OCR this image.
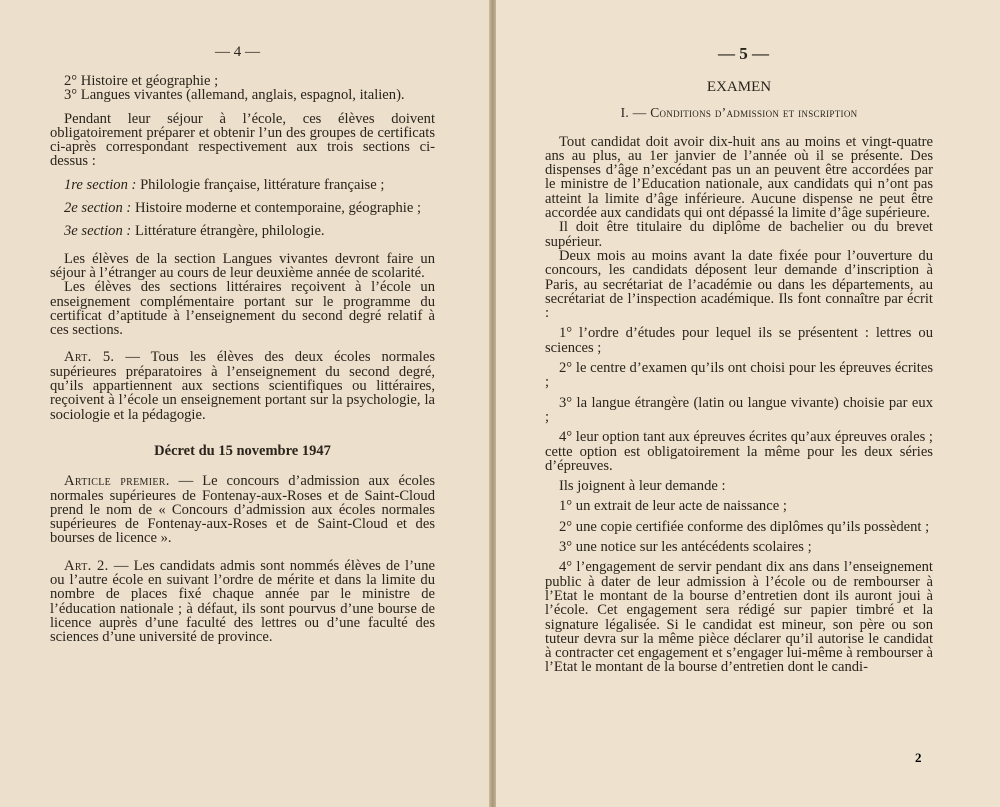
— 4 —

2° Histoire et géographie ;

3° Langues vivantes (allemand, anglais, espagnol, italien).

Pendant leur séjour à l’école, ces élèves doivent obligatoirement préparer et obtenir l’un des groupes de certificats ci-après correspondant respectivement aux trois sections ci-dessus :

1re section : Philologie française, littérature française ;

2e section : Histoire moderne et contemporaine, géographie ;

3e section : Littérature étrangère, philologie.

Les élèves de la section Langues vivantes devront faire un séjour à l’étranger au cours de leur deuxième année de scolarité.

Les élèves des sections littéraires reçoivent à l’école un enseignement complémentaire portant sur le programme du certificat d’aptitude à l’enseignement du second degré relatif à ces sections.

Art. 5. — Tous les élèves des deux écoles normales supérieures préparatoires à l’enseignement du second degré, qu’ils appartiennent aux sections scientifiques ou littéraires, reçoivent à l’école un enseignement portant sur la psychologie, la sociologie et la pédagogie.

Décret du 15 novembre 1947

Article premier. — Le concours d’admission aux écoles normales supérieures de Fontenay-aux-Roses et de Saint-Cloud prend le nom de « Concours d’admission aux écoles normales supérieures de Fontenay-aux-Roses et de Saint-Cloud et des bourses de licence ».

Art. 2. — Les candidats admis sont nommés élèves de l’une ou l’autre école en suivant l’ordre de mérite et dans la limite du nombre de places fixé chaque année par le ministre de l’éducation nationale ; à défaut, ils sont pourvus d’une bourse de licence auprès d’une faculté des lettres ou d’une faculté des sciences d’une université de province.

— 5 —

EXAMEN

I. — Conditions d’admission et inscription

Tout candidat doit avoir dix-huit ans au moins et vingt-quatre ans au plus, au 1er janvier de l’année où il se présente. Des dispenses d’âge n’excédant pas un an peuvent être accordées par le ministre de l’Education nationale, aux candidats qui n’ont pas atteint la limite d’âge inférieure. Aucune dispense ne peut être accordée aux candidats qui ont dépassé la limite d’âge supérieure.

Il doit être titulaire du diplôme de bachelier ou du brevet supérieur.

Deux mois au moins avant la date fixée pour l’ouverture du concours, les candidats déposent leur demande d’inscription à Paris, au secrétariat de l’académie ou dans les départements, au secrétariat de l’inspection académique. Ils font connaître par écrit :

1° l’ordre d’études pour lequel ils se présentent : lettres ou sciences ;

2° le centre d’examen qu’ils ont choisi pour les épreuves écrites ;

3° la langue étrangère (latin ou langue vivante) choisie par eux ;

4° leur option tant aux épreuves écrites qu’aux épreuves orales ; cette option est obligatoirement la même pour les deux séries d’épreuves.

Ils joignent à leur demande :

1° un extrait de leur acte de naissance ;

2° une copie certifiée conforme des diplômes qu’ils possèdent ;

3° une notice sur les antécédents scolaires ;

4° l’engagement de servir pendant dix ans dans l’enseignement public à dater de leur admission à l’école ou de rembourser à l’Etat le montant de la bourse d’entretien dont ils auront joui à l’école. Cet engagement sera rédigé sur papier timbré et la signature légalisée. Si le candidat est mineur, son père ou son tuteur devra sur la même pièce déclarer qu’il autorise le candidat à contracter cet engagement et s’engager lui-même à rembourser à l’Etat le montant de la bourse d’entretien dont le candi-

2
